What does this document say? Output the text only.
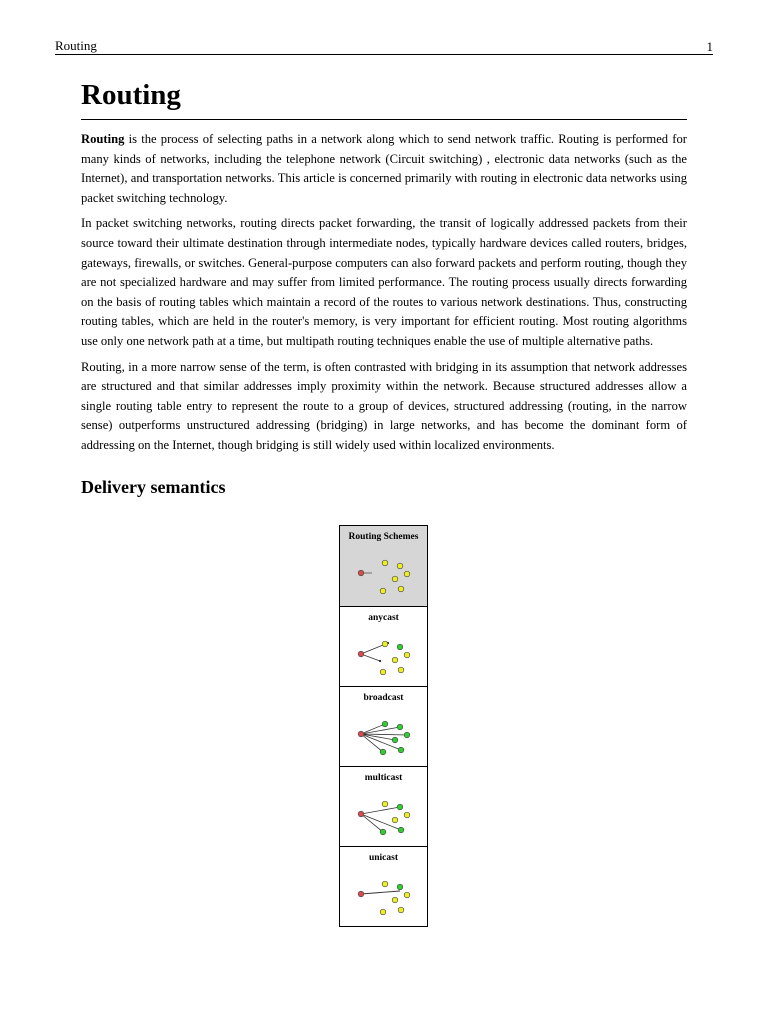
Routing	1
Routing

Routing is the process of selecting paths in a network along which to send network traffic. Routing is performed for many kinds of networks, including the telephone network (Circuit switching) , electronic data networks (such as the Internet), and transportation networks. This article is concerned primarily with routing in electronic data networks using packet switching technology.

In packet switching networks, routing directs packet forwarding, the transit of logically addressed packets from their source toward their ultimate destination through intermediate nodes, typically hardware devices called routers, bridges, gateways, firewalls, or switches. General-purpose computers can also forward packets and perform routing, though they are not specialized hardware and may suffer from limited performance. The routing process usually directs forwarding on the basis of routing tables which maintain a record of the routes to various network destinations. Thus, constructing routing tables, which are held in the router's memory, is very important for efficient routing. Most routing algorithms use only one network path at a time, but multipath routing techniques enable the use of multiple alternative paths.

Routing, in a more narrow sense of the term, is often contrasted with bridging in its assumption that network addresses are structured and that similar addresses imply proximity within the network. Because structured addresses allow a single routing table entry to represent the route to a group of devices, structured addressing (routing, in the narrow sense) outperforms unstructured addressing (bridging) in large networks, and has become the dominant form of addressing on the Internet, though bridging is still widely used within localized environments.

Delivery semantics
Routing Schemes
anycast
broadcast
multicast
unicast
